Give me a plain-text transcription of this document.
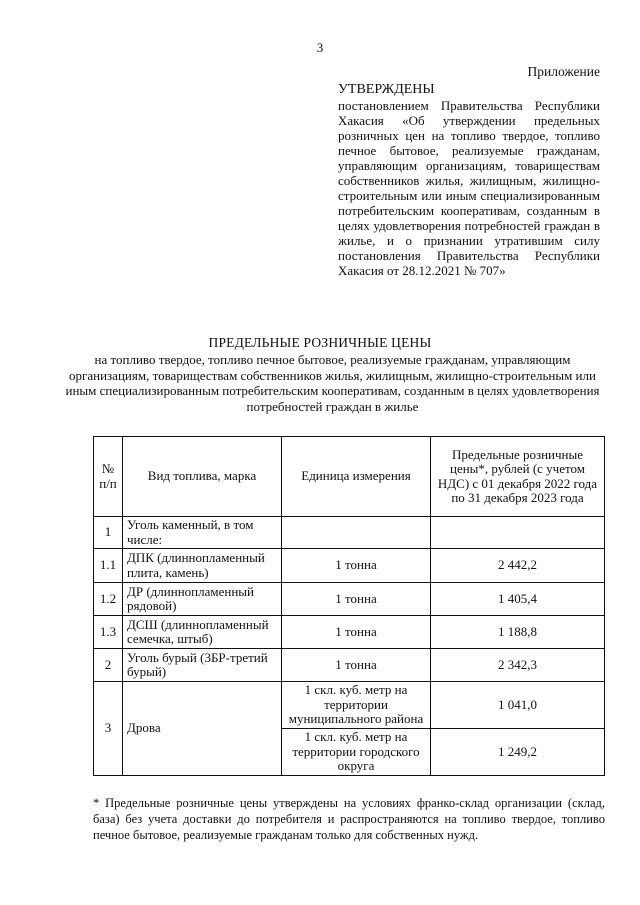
3
Приложение
УТВЕРЖДЕНЫ
постановлением Правительства Республики Хакасия «Об утверждении предельных розничных цен на топливо твердое, топливо печное бытовое, реализуемые гражданам, управляющим организациям, товариществам собственников жилья, жилищным, жилищно-строительным или иным специализированным потребительским кооперативам, созданным в целях удовлетворения потребностей граждан в жилье, и о признании утратившим силу постановления Правительства Республики Хакасия от 28.12.2021 № 707»
ПРЕДЕЛЬНЫЕ РОЗНИЧНЫЕ ЦЕНЫ
на топливо твердое, топливо печное бытовое, реализуемые гражданам, управляющим организациям, товариществам собственников жилья, жилищным, жилищно-строительным или иным специализированным потребительским кооперативам, созданным в целях удовлетворения потребностей граждан в жилье
№ п/п	Вид топлива, марка	Единица измерения	Предельные розничные цены*, рублей (с учетом НДС) с 01 декабря 2022 года по 31 декабря 2023 года
1	Уголь каменный, в том числе:		
1.1	ДПК (длиннопламенный плита, камень)	1 тонна	2 442,2
1.2	ДР (длиннопламенный рядовой)	1 тонна	1 405,4
1.3	ДСШ (длиннопламенный семечка, штыб)	1 тонна	1 188,8
2	Уголь бурый (3БР-третий бурый)	1 тонна	2 342,3
3	Дрова	1 скл. куб. метр на территории муниципального района	1 041,0
		1 скл. куб. метр на территории городского округа	1 249,2
* Предельные розничные цены утверждены на условиях франко-склад организации (склад, база) без учета доставки до потребителя и распространяются на топливо твердое, топливо печное бытовое, реализуемые гражданам только для собственных нужд.
